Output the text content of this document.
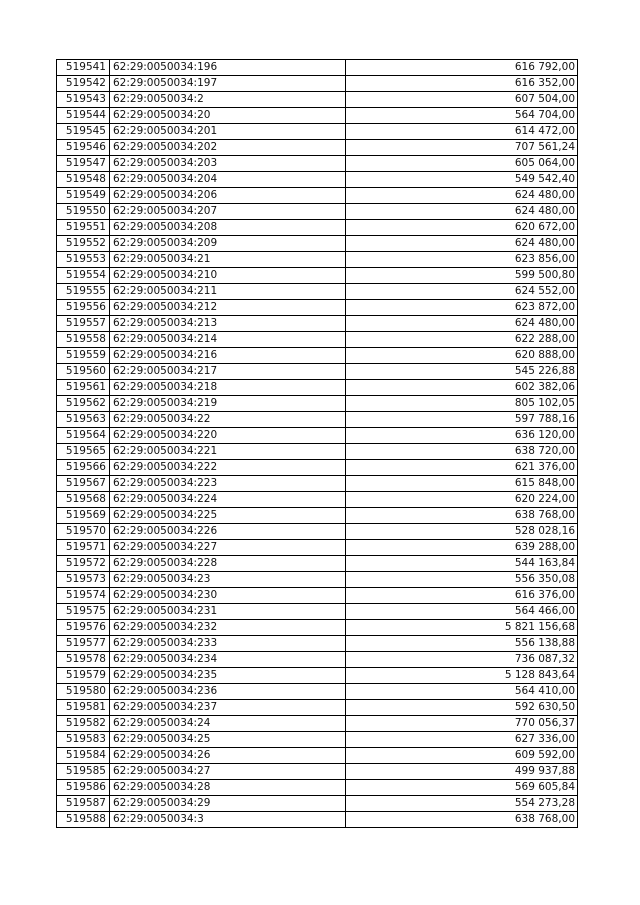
519541	62:29:0050034:196	616 792,00
519542	62:29:0050034:197	616 352,00
519543	62:29:0050034:2	607 504,00
519544	62:29:0050034:20	564 704,00
519545	62:29:0050034:201	614 472,00
519546	62:29:0050034:202	707 561,24
519547	62:29:0050034:203	605 064,00
519548	62:29:0050034:204	549 542,40
519549	62:29:0050034:206	624 480,00
519550	62:29:0050034:207	624 480,00
519551	62:29:0050034:208	620 672,00
519552	62:29:0050034:209	624 480,00
519553	62:29:0050034:21	623 856,00
519554	62:29:0050034:210	599 500,80
519555	62:29:0050034:211	624 552,00
519556	62:29:0050034:212	623 872,00
519557	62:29:0050034:213	624 480,00
519558	62:29:0050034:214	622 288,00
519559	62:29:0050034:216	620 888,00
519560	62:29:0050034:217	545 226,88
519561	62:29:0050034:218	602 382,06
519562	62:29:0050034:219	805 102,05
519563	62:29:0050034:22	597 788,16
519564	62:29:0050034:220	636 120,00
519565	62:29:0050034:221	638 720,00
519566	62:29:0050034:222	621 376,00
519567	62:29:0050034:223	615 848,00
519568	62:29:0050034:224	620 224,00
519569	62:29:0050034:225	638 768,00
519570	62:29:0050034:226	528 028,16
519571	62:29:0050034:227	639 288,00
519572	62:29:0050034:228	544 163,84
519573	62:29:0050034:23	556 350,08
519574	62:29:0050034:230	616 376,00
519575	62:29:0050034:231	564 466,00
519576	62:29:0050034:232	5 821 156,68
519577	62:29:0050034:233	556 138,88
519578	62:29:0050034:234	736 087,32
519579	62:29:0050034:235	5 128 843,64
519580	62:29:0050034:236	564 410,00
519581	62:29:0050034:237	592 630,50
519582	62:29:0050034:24	770 056,37
519583	62:29:0050034:25	627 336,00
519584	62:29:0050034:26	609 592,00
519585	62:29:0050034:27	499 937,88
519586	62:29:0050034:28	569 605,84
519587	62:29:0050034:29	554 273,28
519588	62:29:0050034:3	638 768,00
